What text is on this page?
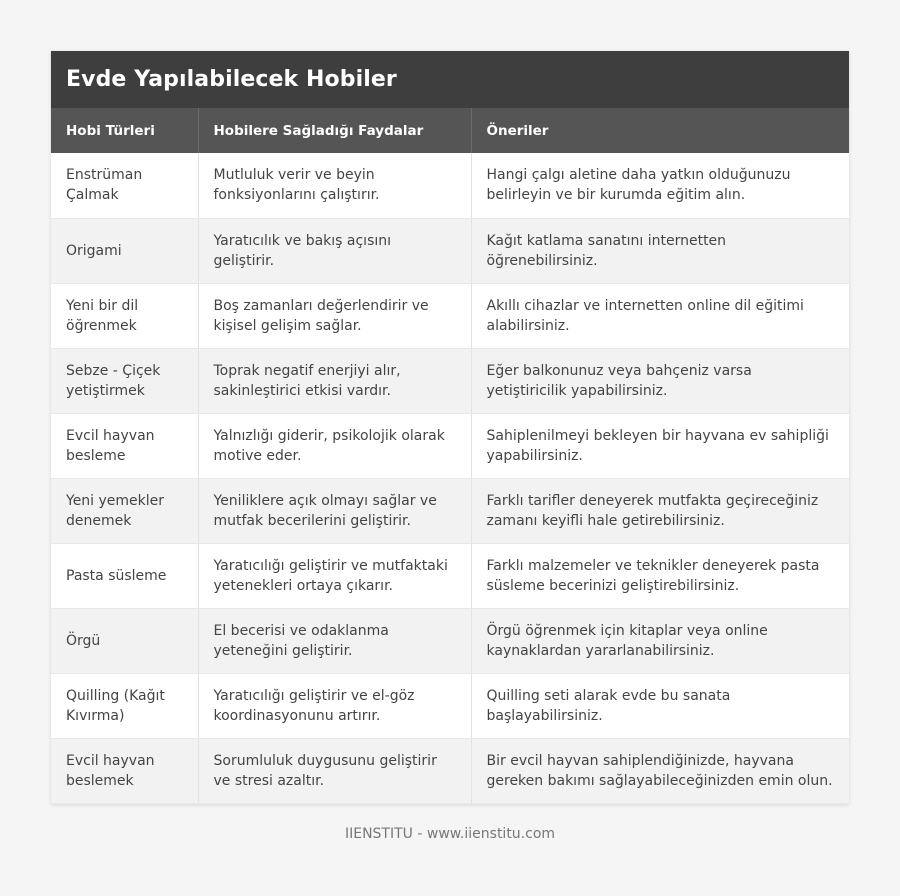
Evde Yapılabilecek Hobiler
Hobi Türleri	Hobilere Sağladığı Faydalar	Öneriler
Enstrüman Çalmak	Mutluluk verir ve beyin fonksiyonlarını çalıştırır.	Hangi çalgı aletine daha yatkın olduğunuzu belirleyin ve bir kurumda eğitim alın.
Origami	Yaratıcılık ve bakış açısını geliştirir.	Kağıt katlama sanatını internetten öğrenebilirsiniz.
Yeni bir dil öğrenmek	Boş zamanları değerlendirir ve kişisel gelişim sağlar.	Akıllı cihazlar ve internetten online dil eğitimi alabilirsiniz.
Sebze - Çiçek yetiştirmek	Toprak negatif enerjiyi alır, sakinleştirici etkisi vardır.	Eğer balkonunuz veya bahçeniz varsa yetiştiricilik yapabilirsiniz.
Evcil hayvan besleme	Yalnızlığı giderir, psikolojik olarak motive eder.	Sahiplenilmeyi bekleyen bir hayvana ev sahipliği yapabilirsiniz.
Yeni yemekler denemek	Yeniliklere açık olmayı sağlar ve mutfak becerilerini geliştirir.	Farklı tarifler deneyerek mutfakta geçireceğiniz zamanı keyifli hale getirebilirsiniz.
Pasta süsleme	Yaratıcılığı geliştirir ve mutfaktaki yetenekleri ortaya çıkarır.	Farklı malzemeler ve teknikler deneyerek pasta süsleme becerinizi geliştirebilirsiniz.
Örgü	El becerisi ve odaklanma yeteneğini geliştirir.	Örgü öğrenmek için kitaplar veya online kaynaklardan yararlanabilirsiniz.
Quilling (Kağıt Kıvırma)	Yaratıcılığı geliştirir ve el-göz koordinasyonunu artırır.	Quilling seti alarak evde bu sanata başlayabilirsiniz.
Evcil hayvan beslemek	Sorumluluk duygusunu geliştirir ve stresi azaltır.	Bir evcil hayvan sahiplendiğinizde, hayvana gereken bakımı sağlayabileceğinizden emin olun.
IIENSTITU - www.iienstitu.com
